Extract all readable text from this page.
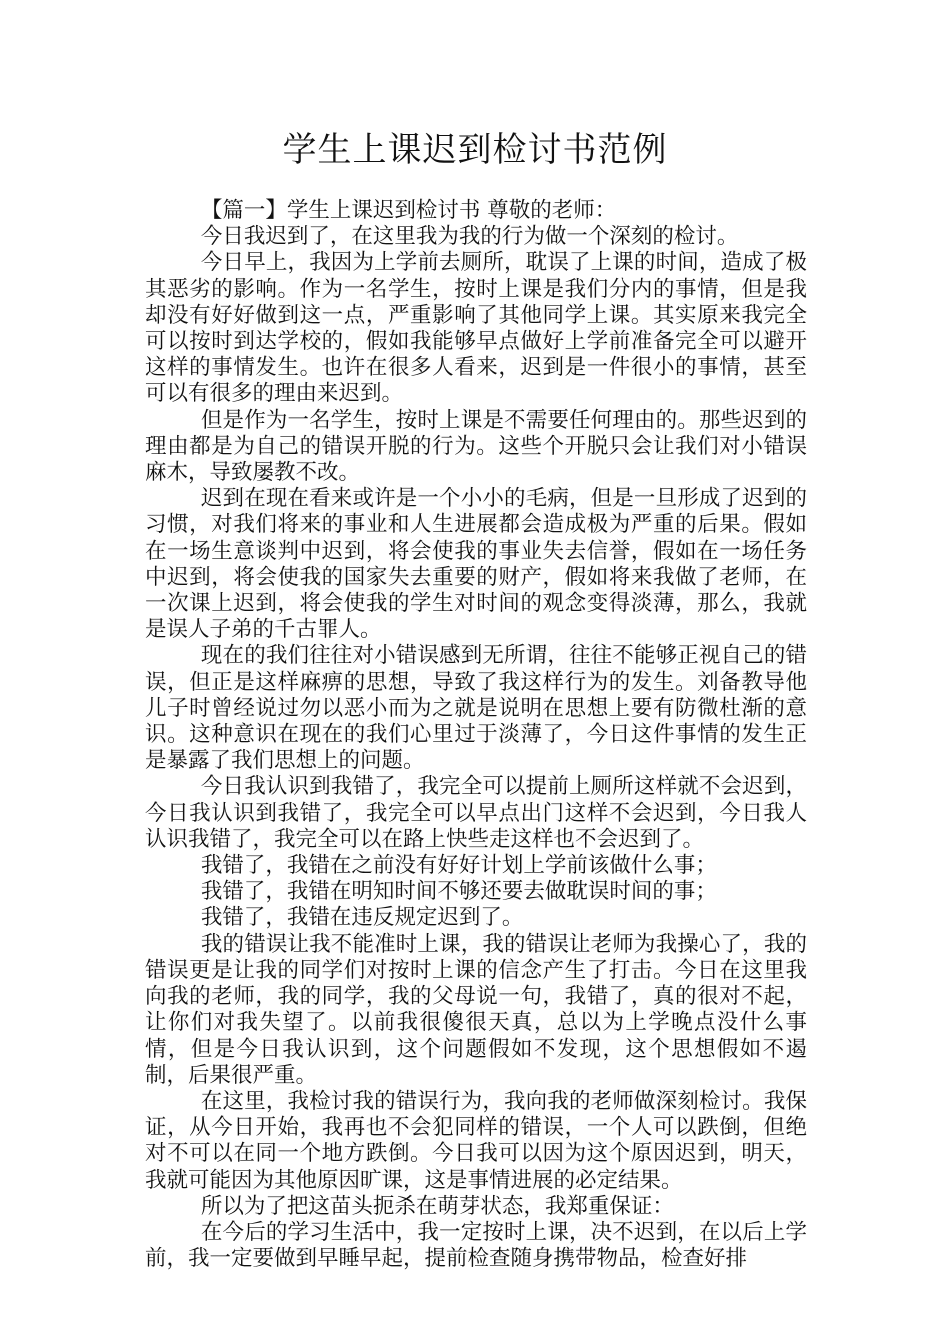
学生上课迟到检讨书范例

【篇一】学生上课迟到检讨书 尊敬的老师：

今日我迟到了，在这里我为我的行为做一个深刻的检讨。

今日早上，我因为上学前去厕所，耽误了上课的时间，造成了极其恶劣的影响。作为一名学生，按时上课是我们分内的事情，但是我却没有好好做到这一点，严重影响了其他同学上课。其实原来我完全可以按时到达学校的，假如我能够早点做好上学前准备完全可以避开这样的事情发生。也许在很多人看来，迟到是一件很小的事情，甚至可以有很多的理由来迟到。

但是作为一名学生，按时上课是不需要任何理由的。那些迟到的理由都是为自己的错误开脱的行为。这些个开脱只会让我们对小错误麻木，导致屡教不改。

迟到在现在看来或许是一个小小的毛病，但是一旦形成了迟到的习惯，对我们将来的事业和人生进展都会造成极为严重的后果。假如在一场生意谈判中迟到，将会使我的事业失去信誉，假如在一场任务中迟到，将会使我的国家失去重要的财产，假如将来我做了老师，在一次课上迟到，将会使我的学生对时间的观念变得淡薄，那么，我就是误人子弟的千古罪人。

现在的我们往往对小错误感到无所谓，往往不能够正视自己的错误，但正是这样麻痹的思想，导致了我这样行为的发生。刘备教导他儿子时曾经说过勿以恶小而为之就是说明在思想上要有防微杜渐的意识。这种意识在现在的我们心里过于淡薄了，今日这件事情的发生正是暴露了我们思想上的问题。

今日我认识到我错了，我完全可以提前上厕所这样就不会迟到，今日我认识到我错了，我完全可以早点出门这样不会迟到，今日我人认识我错了，我完全可以在路上快些走这样也不会迟到了。

我错了，我错在之前没有好好计划上学前该做什么事；

我错了，我错在明知时间不够还要去做耽误时间的事；

我错了，我错在违反规定迟到了。

我的错误让我不能准时上课，我的错误让老师为我操心了，我的错误更是让我的同学们对按时上课的信念产生了打击。今日在这里我向我的老师，我的同学，我的父母说一句，我错了，真的很对不起，让你们对我失望了。以前我很傻很天真，总以为上学晚点没什么事情，但是今日我认识到，这个问题假如不发现，这个思想假如不遏制，后果很严重。

在这里，我检讨我的错误行为，我向我的老师做深刻检讨。我保证，从今日开始，我再也不会犯同样的错误，一个人可以跌倒，但绝对不可以在同一个地方跌倒。今日我可以因为这个原因迟到，明天，我就可能因为其他原因旷课，这是事情进展的必定结果。

所以为了把这苗头扼杀在萌芽状态，我郑重保证：

在今后的学习生活中，我一定按时上课，决不迟到，在以后上学前，我一定要做到早睡早起，提前检查随身携带物品，检查好排
